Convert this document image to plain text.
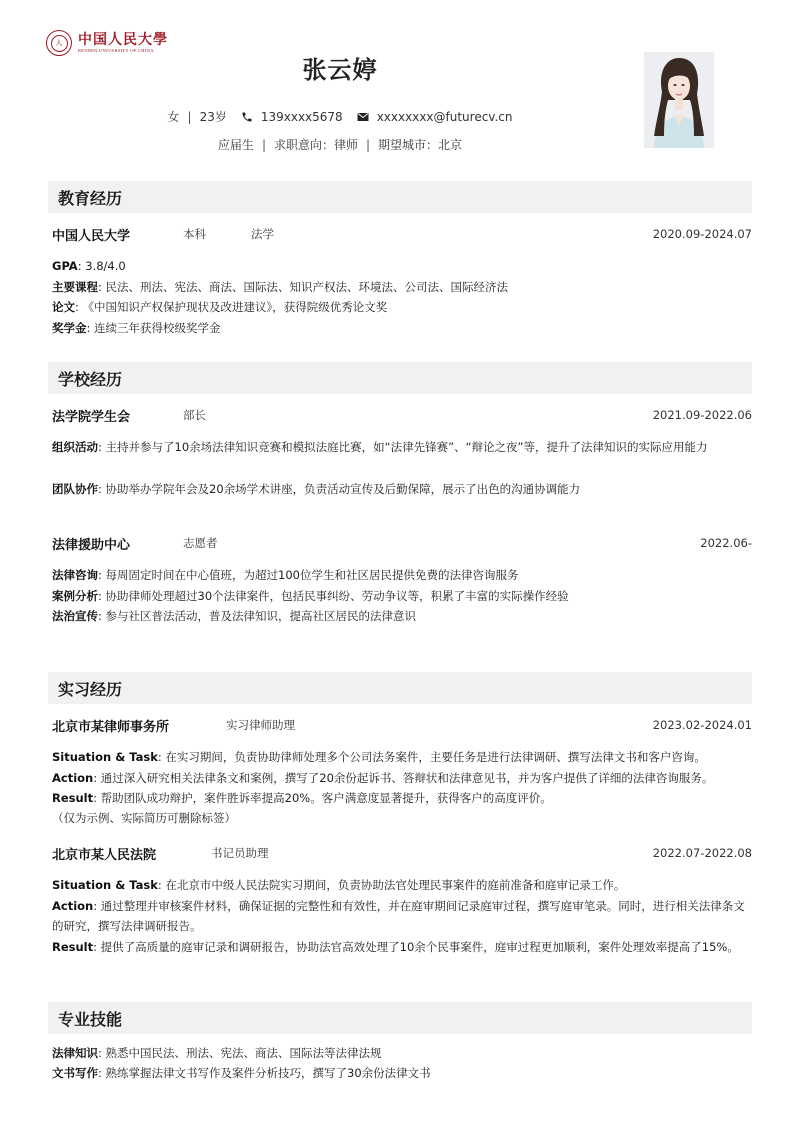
人	中国人民大學
RENMIN UNIVERSITY OF CHINA
张云婷
女 | 23岁	139xxxx5678	xxxxxxxx@futurecv.cn
应届生 | 求职意向：律师 | 期望城市：北京
教育经历
中国人民大学	本科	法学	2020.09-2024.07
GPA: 3.8/4.0
主要课程: 民法、刑法、宪法、商法、国际法、知识产权法、环境法、公司法、国际经济法
论文: 《中国知识产权保护现状及改进建议》，获得院级优秀论文奖
奖学金: 连续三年获得校级奖学金
学校经历
法学院学生会	部长	2021.09-2022.06
组织活动: 主持并参与了10余场法律知识竞赛和模拟法庭比赛，如“法律先锋赛”、“辩论之夜”等，提升了法律知识的实际应用能力
团队协作: 协助举办学院年会及20余场学术讲座，负责活动宣传及后勤保障，展示了出色的沟通协调能力
法律援助中心	志愿者	2022.06-
法律咨询: 每周固定时间在中心值班，为超过100位学生和社区居民提供免费的法律咨询服务
案例分析: 协助律师处理超过30个法律案件，包括民事纠纷、劳动争议等，积累了丰富的实际操作经验
法治宣传: 参与社区普法活动，普及法律知识，提高社区居民的法律意识
实习经历
北京市某律师事务所	实习律师助理	2023.02-2024.01
Situation & Task: 在实习期间，负责协助律师处理多个公司法务案件，主要任务是进行法律调研、撰写法律文书和客户咨询。
Action: 通过深入研究相关法律条文和案例，撰写了20余份起诉书、答辩状和法律意见书，并为客户提供了详细的法律咨询服务。
Result: 帮助团队成功辩护，案件胜诉率提高20%。客户满意度显著提升，获得客户的高度评价。
（仅为示例、实际简历可删除标签）
北京市某人民法院	书记员助理	2022.07-2022.08
Situation & Task: 在北京市中级人民法院实习期间，负责协助法官处理民事案件的庭前准备和庭审记录工作。
Action: 通过整理并审核案件材料，确保证据的完整性和有效性，并在庭审期间记录庭审过程，撰写庭审笔录。同时，进行相关法律条文的研究，撰写法律调研报告。
Result: 提供了高质量的庭审记录和调研报告，协助法官高效处理了10余个民事案件，庭审过程更加顺利，案件处理效率提高了15%。
专业技能
法律知识: 熟悉中国民法、刑法、宪法、商法、国际法等法律法规
文书写作: 熟练掌握法律文书写作及案件分析技巧，撰写了30余份法律文书
